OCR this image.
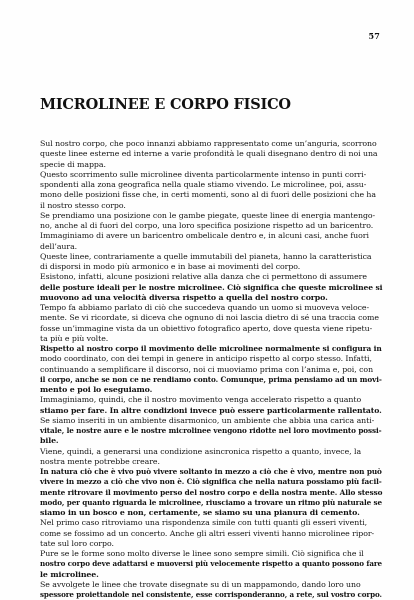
57
MICROLINEE E CORPO FISICO
Sul nostro corpo, che poco innanzi abbiamo rappresentato come un’anguria, scorrono
queste linee esterne ed interne a varie profondità le quali disegnano dentro di noi una
specie di mappa.
Questo scorrimento sulle microlinee diventa particolarmente intenso in punti corri-
spondenti alla zona geografica nella quale stiamo vivendo. Le microlinee, poi, assu-
mono delle posizioni fisse che, in certi momenti, sono al di fuori delle posizioni che ha
il nostro stesso corpo.
Se prendiamo una posizione con le gambe piegate, queste linee di energia mantengo-
no, anche al di fuori del corpo, una loro specifica posizione rispetto ad un baricentro.
Immaginiamo di avere un baricentro ombelicale dentro e, in alcuni casi, anche fuori
dell’aura.
Queste linee, contrariamente a quelle immutabili del pianeta, hanno la caratteristica
di disporsi in modo più armonico e in base ai movimenti del corpo.
Esistono, infatti, alcune posizioni relative alla danza che ci permettono di assumere
delle posture ideali per le nostre microlinee. Ciò significa che queste microlinee si
muovono ad una velocità diversa rispetto a quella del nostro corpo.
Tempo fa abbiamo parlato di ciò che succedeva quando un uomo si muoveva velocе-
mente. Se vi ricordate, si diceva che ognuno di noi lascia dietro di sé una traccia come
fosse un’immagine vista da un obiettivo fotografico aperto, dove questa viene ripetu-
ta più e più volte.
Rispetto al nostro corpo il movimento delle microlinee normalmente si configura in
modo coordinato, con dei tempi in genere in anticipo rispetto al corpo stesso. Infatti,
continuando a semplificare il discorso, noi ci muoviamo prima con l’anima e, poi, con
il corpo, anche se non ce ne rendiamo conto. Comunque, prima pensiamo ad un movi-
mento e poi lo eseguiamo.
Immaginiamo, quindi, che il nostro movimento venga accelerato rispetto a quanto
stiamo per fare. In altre condizioni invece può essere particolarmente rallentato.
Se siamo inseriti in un ambiente disarmonico, un ambiente che abbia una carica anti-
vitale, le nostre aure e le nostre microlinee vengono ridotte nel loro movimento possi-
bile.
Viene, quindi, a generarsi una condizione asincronica rispetto a quanto, invece, la
nostra mente potrebbe creare.
In natura ciò che è vivo può vivere soltanto in mezzo a ciò che è vivo, mentre non può
vivere in mezzo a ciò che vivo non è. Ciò significa che nella natura possiamo più facil-
mente ritrovare il movimento perso del nostro corpo e della nostra mente. Allo stesso
modo, per quanto riguarda le microlinee, riusciamo a trovare un ritmo più naturale se
siamo in un bosco e non, certamente, se siamo su una pianura di cemento.
Nel primo caso ritroviamo una rispondenza simile con tutti quanti gli esseri viventi,
come se fossimo ad un concerto. Anche gli altri esseri viventi hanno microlinee ripor-
tate sul loro corpo.
Pure se le forme sono molto diverse le linee sono sempre simili. Ciò significa che il
nostro corpo deve adattarsi e muoversi più velocemente rispetto a quanto possono fare
le microlinee.
Se avvolgete le linee che trovate disegnate su di un mappamondo, dando loro uno
spessore proiettandole nel consistente, esse corrisponderanno, a rete, sul vostro corpo.
